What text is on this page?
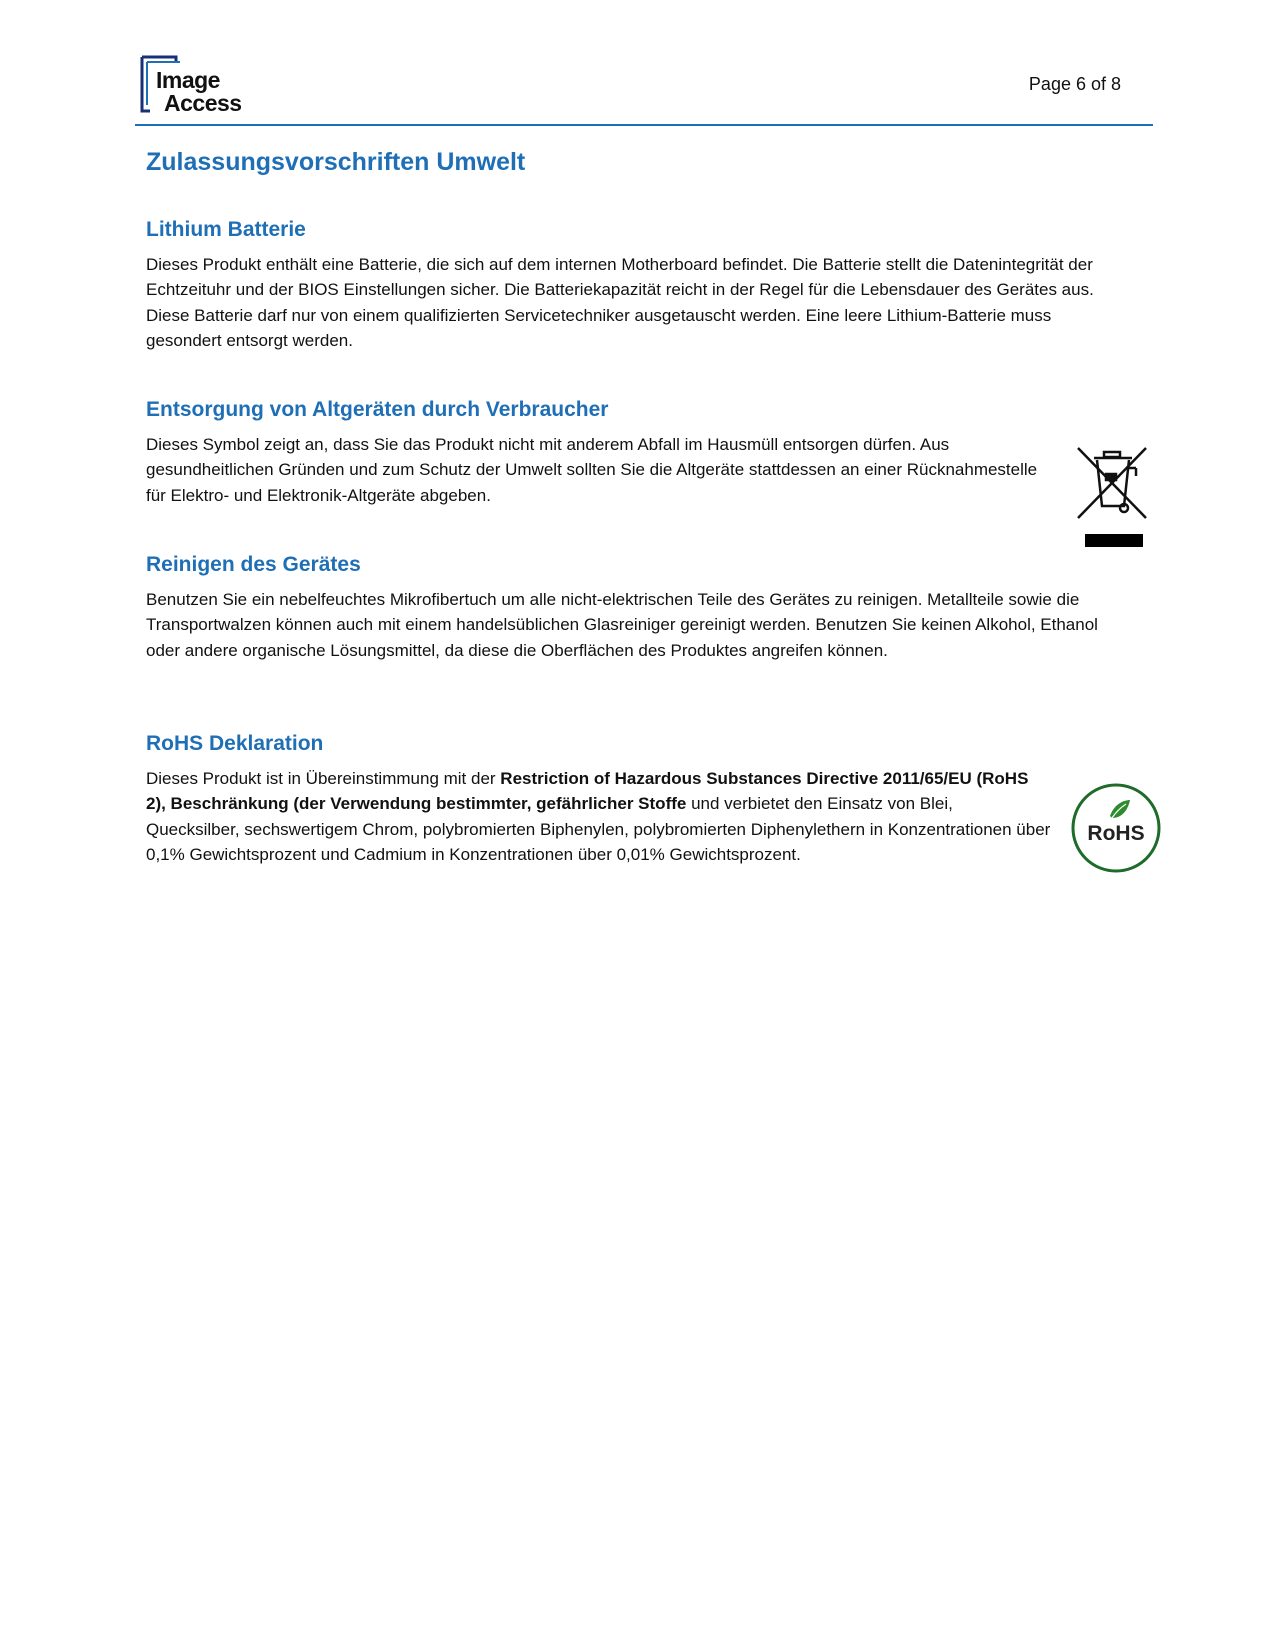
Image
Access
Page 6 of 8
Zulassungsvorschriften Umwelt
Lithium Batterie

Dieses Produkt enthält eine Batterie, die sich auf dem internen Motherboard befindet. Die Batterie stellt die Datenintegrität der Echtzeituhr und der BIOS Einstellungen sicher. Die Batteriekapazität reicht in der Regel für die Lebensdauer des Gerätes aus. Diese Batterie darf nur von einem qualifizierten Servicetechniker ausgetauscht werden. Eine leere Lithium-Batterie muss gesondert entsorgt werden.

Entsorgung von Altgeräten durch Verbraucher

Dieses Symbol zeigt an, dass Sie das Produkt nicht mit anderem Abfall im Hausmüll entsorgen dürfen. Aus gesundheitlichen Gründen und zum Schutz der Umwelt sollten Sie die Altgeräte stattdessen an einer Rücknahmestelle für Elektro- und Elektronik-Altgeräte abgeben.

Reinigen des Gerätes

Benutzen Sie ein nebelfeuchtes Mikrofibertuch um alle nicht-elektrischen Teile des Gerätes zu reinigen. Metallteile sowie die Transportwalzen können auch mit einem handelsüblichen Glasreiniger gereinigt werden. Benutzen Sie keinen Alkohol, Ethanol oder andere organische Lösungsmittel, da diese die Oberflächen des Produktes angreifen können.

RoHS Deklaration

Dieses Produkt ist in Übereinstimmung mit der Restriction of Hazardous Substances Directive 2011/65/EU (RoHS 2), Beschränkung (der Verwendung bestimmter, gefährlicher Stoffe und verbietet den Einsatz von Blei, Quecksilber, sechswertigem Chrom, polybromierten Biphenylen, polybromierten Diphenylethern in Konzentrationen über 0,1% Gewichtsprozent und Cadmium in Konzentrationen über 0,01% Gewichtsprozent.

RoHS
